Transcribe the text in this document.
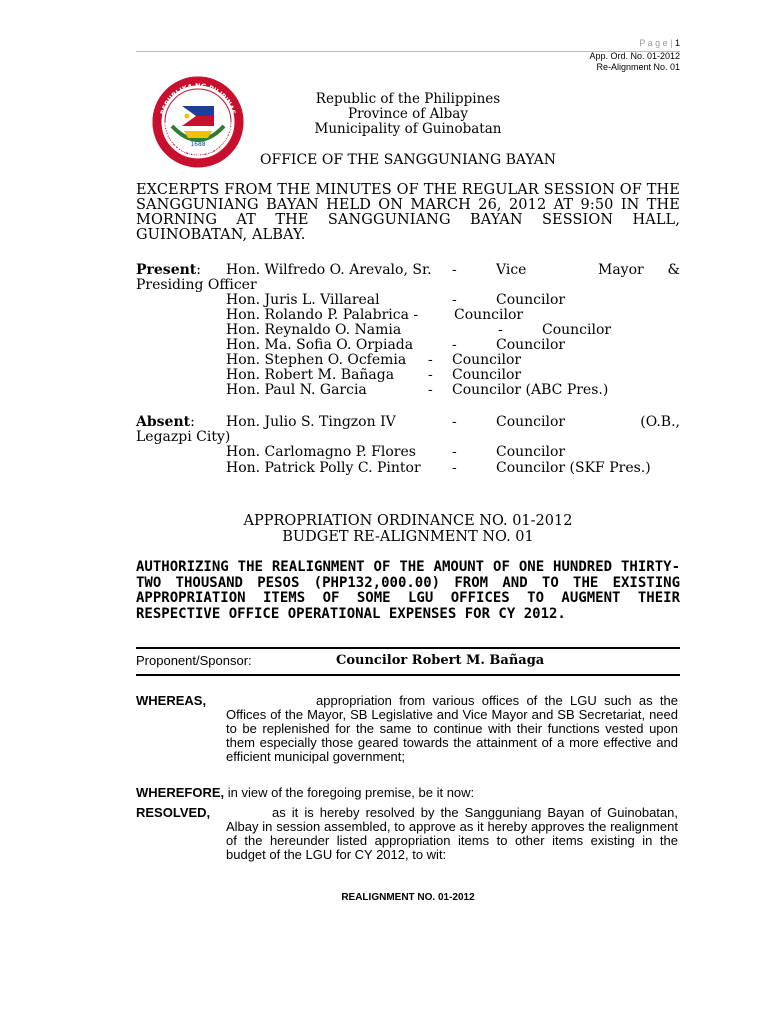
P a g e | 1
App. Ord. No. 01-2012
Re-Alignment No. 01
1688
REPUBLIKA NG PILIPINAS
PAMAHALAANG BAYAN NG GUINOBATAN
Republic of the Philippines
Province of Albay
Municipality of Guinobatan
OFFICE OF THE SANGGUNIANG BAYAN
EXCERPTS FROM THE MINUTES OF THE REGULAR SESSION OF THE SANGGUNIANG BAYAN HELD ON MARCH 26, 2012 AT 9:50 IN THE MORNING AT THE SANGGUNIANG BAYAN SESSION HALL, GUINOBATAN, ALBAY.
Present: Hon. Wilfredo O. Arevalo, Sr. -	Vice	Mayor &
Presiding Officer
Hon. Juris L. Villareal	-	Councilor
Hon. Rolando P. Palabrica -	Councilor
Hon. Reynaldo O. Namia	-	Councilor
Hon. Ma. Sofia O. Orpiada	-	Councilor
Hon. Stephen O. Ocfemia - Councilor
Hon. Robert M. Bañaga - Councilor
Hon. Paul N. Garcia	- Councilor (ABC Pres.)
Absent: Hon. Julio S. Tingzon IV	-	Councilor	(O.B.,
Legazpi City)
Hon. Carlomagno P. Flores	-	Councilor
Hon. Patrick Polly C. Pintor -	Councilor (SKF Pres.)
APPROPRIATION ORDINANCE NO. 01-2012
BUDGET RE-ALIGNMENT NO. 01
AUTHORIZING THE REALIGNMENT OF THE AMOUNT OF ONE HUNDRED THIRTY-TWO THOUSAND PESOS (PHP132,000.00) FROM AND TO THE EXISTING APPROPRIATION ITEMS OF SOME LGU OFFICES TO AUGMENT THEIR RESPECTIVE OFFICE OPERATIONAL EXPENSES FOR CY 2012.
Proponent/Sponsor:	Councilor Robert M. Bañaga
WHEREAS,	appropriation from various offices of the LGU such as the Offices of the Mayor, SB Legislative and Vice Mayor and SB Secretariat, need to be replenished for the same to continue with their functions vested upon them especially those geared towards the attainment of a more effective and efficient municipal government;
WHEREFORE, in view of the foregoing premise, be it now:
RESOLVED,	as it is hereby resolved by the Sangguniang Bayan of Guinobatan, Albay in session assembled, to approve as it hereby approves the realignment of the hereunder listed appropriation items to other items existing in the budget of the LGU for CY 2012, to wit:
REALIGNMENT NO. 01-2012
